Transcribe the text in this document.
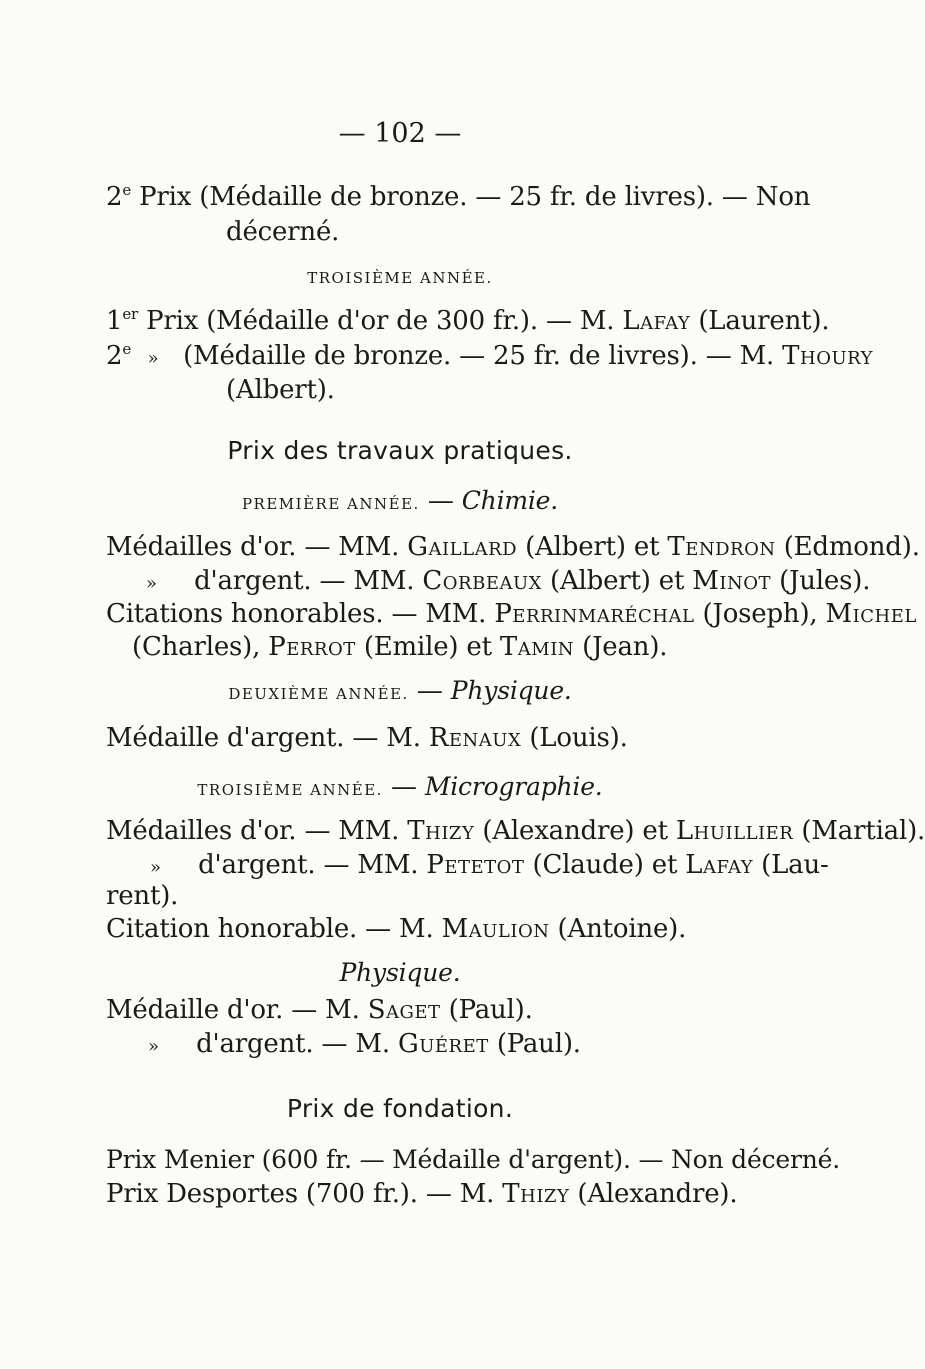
— 102 —
2e Prix (Médaille de bronze. — 25 fr. de livres). — Non
décerné.
TROISIÈME ANNÉE.
1er Prix (Médaille d'or de 300 fr.). — M. Lafay (Laurent).
2e » (Médaille de bronze. — 25 fr. de livres). — M. Thoury
(Albert).
Prix des travaux pratiques.
PREMIÈRE ANNÉE. — Chimie.
Médailles d'or. — MM. Gaillard (Albert) et Tendron (Edmond).
» d'argent. — MM. Corbeaux (Albert) et Minot (Jules).
Citations honorables. — MM. Perrinmaréchal (Joseph), Michel
(Charles), Perrot (Emile) et Tamin (Jean).
DEUXIÈME ANNÉE. — Physique.
Médaille d'argent. — M. Renaux (Louis).
TROISIÈME ANNÉE. — Micrographie.
Médailles d'or. — MM. Thizy (Alexandre) et Lhuillier (Martial).
» d'argent. — MM. Petetot (Claude) et Lafay (Lau-
rent).
Citation honorable. — M. Maulion (Antoine).
Physique.
Médaille d'or. — M. Saget (Paul).
» d'argent. — M. Guéret (Paul).
Prix de fondation.
Prix Menier (600 fr. — Médaille d'argent). — Non décerné.
Prix Desportes (700 fr.). — M. Thizy (Alexandre).
